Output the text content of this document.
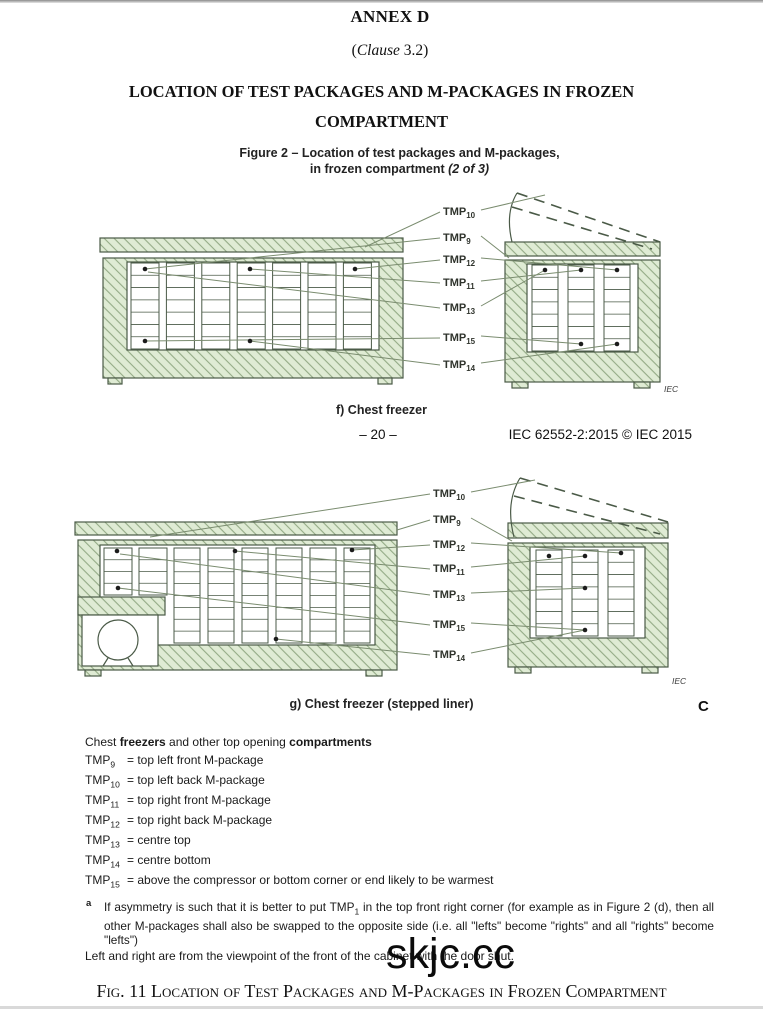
ANNEX D
(Clause 3.2)
LOCATION OF TEST PACKAGES AND M-PACKAGES IN FROZEN
COMPARTMENT
Figure 2 – Location of test packages and M-packages,
in frozen compartment (2 of 3)
$TMP_{10}$
$TMP_9$
$TMP_{12}$
$TMP_{11}$
$TMP_{13}$
$TMP_{15}$
$TMP_{14}$
IEC
f) Chest freezer
– 20 –	IEC 62552-2:2015 © IEC 2015
$TMP_{10}$
$TMP_9$
$TMP_{12}$
$TMP_{11}$
$TMP_{13}$
$TMP_{15}$
$TMP_{14}$
IEC
g) Chest freezer (stepped liner)	C
Chest freezers and other top opening compartments
$TMP_9$ = top left front M-package
$TMP_{10}$ = top left back M-package
$TMP_{11}$ = top right front M-package
$TMP_{12}$ = top right back M-package
$TMP_{13}$ = centre top
$TMP_{14}$ = centre bottom
$TMP_{15}$ = above the compressor or bottom corner or end likely to be warmest
a If asymmetry is such that it is better to put $TMP_1$ in the top front right corner (for example as in Figure 2 (d), then all other M-packages shall also be swapped to the opposite side (i.e. all "lefts" become "rights" and all "rights" become "lefts")
Left and right are from the viewpoint of the front of the cabinet with the door shut.
skjc.cc
Fig. 11 Location of Test Packages and M-Packages in Frozen Compartment
